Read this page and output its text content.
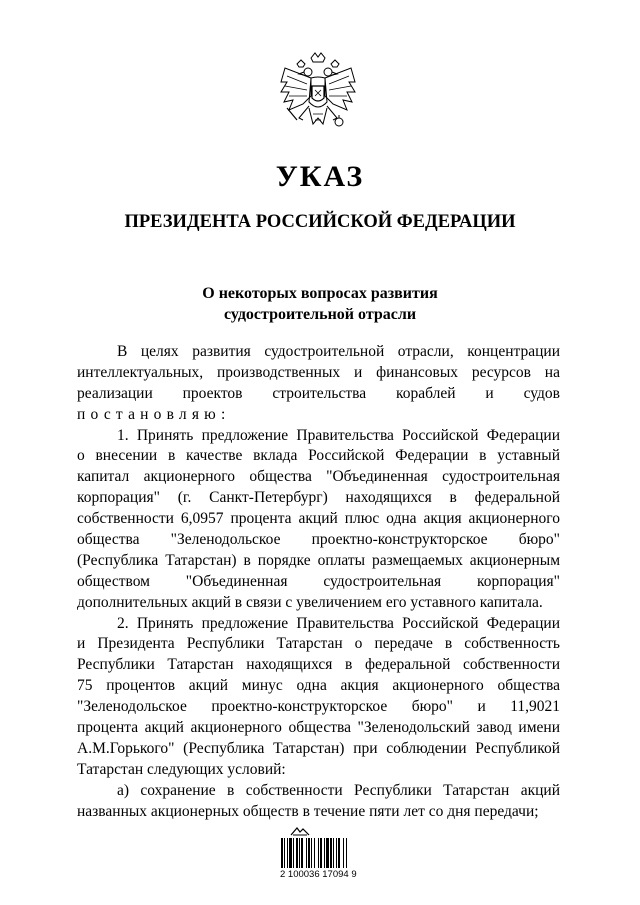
УКАЗ
ПРЕЗИДЕНТА РОССИЙСКОЙ ФЕДЕРАЦИИ
О некоторых вопросах развития
судостроительной отрасли
В целях развития судостроительной отрасли, концентрации
интеллектуальных, производственных и финансовых ресурсов на
реализации проектов строительства кораблей и судов
постановляю:
1. Принять предложение Правительства Российской Федерации
о внесении в качестве вклада Российской Федерации в уставный
капитал акционерного общества "Объединенная судостроительная
корпорация" (г. Санкт-Петербург) находящихся в федеральной
собственности 6,0957 процента акций плюс одна акция акционерного
общества "Зеленодольское проектно-конструкторское бюро"
(Республика Татарстан) в порядке оплаты размещаемых акционерным
обществом "Объединенная судостроительная корпорация"
дополнительных акций в связи с увеличением его уставного капитала.
2. Принять предложение Правительства Российской Федерации
и Президента Республики Татарстан о передаче в собственность
Республики Татарстан находящихся в федеральной собственности
75 процентов акций минус одна акция акционерного общества
"Зеленодольское проектно-конструкторское бюро" и 11,9021
процента акций акционерного общества "Зеленодольский завод имени
А.М.Горького" (Республика Татарстан) при соблюдении Республикой
Татарстан следующих условий:
а) сохранение в собственности Республики Татарстан акций
названных акционерных обществ в течение пяти лет со дня передачи;
2 100036 17094 9
